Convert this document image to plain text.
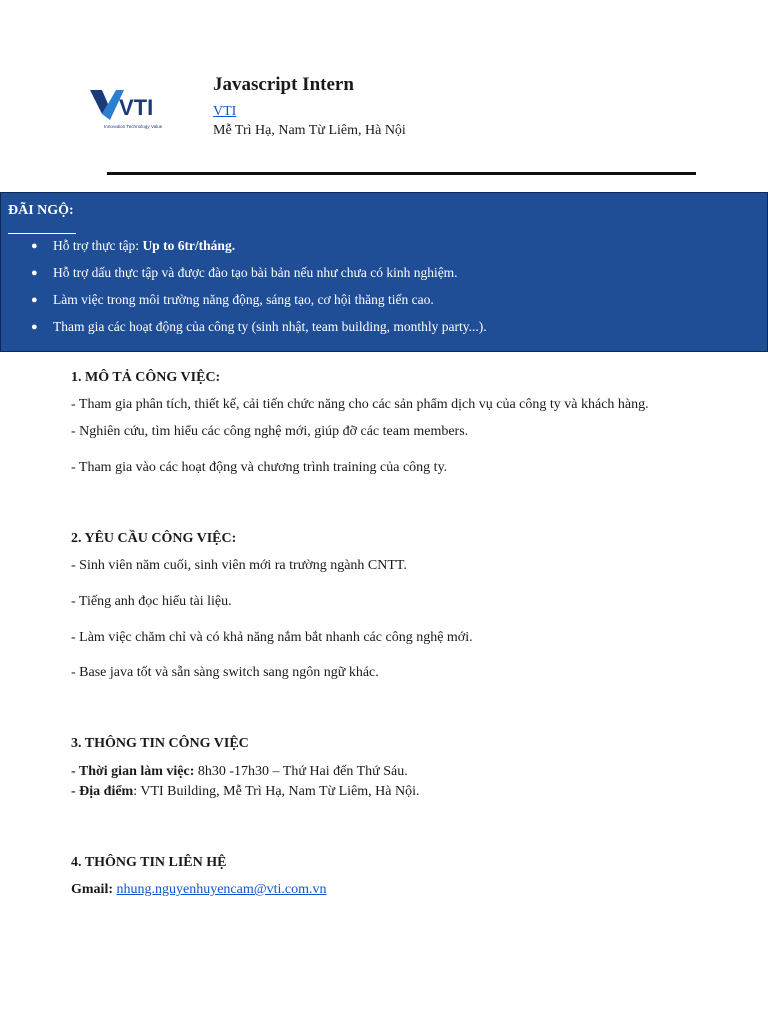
VTI
Innovation Technology Value
Javascript Intern
VTI
Mễ Trì Hạ, Nam Từ Liêm, Hà Nội
ĐÃI NGỘ:
● Hỗ trợ thực tập: Up to 6tr/tháng.
● Hỗ trợ dấu thực tập và được đào tạo bài bản nếu như chưa có kinh nghiệm.
● Làm việc trong môi trường năng động, sáng tạo, cơ hội thăng tiến cao.
● Tham gia các hoạt động của công ty (sinh nhật, team building, monthly party...).
1. MÔ TẢ CÔNG VIỆC:
- Tham gia phân tích, thiết kế, cải tiến chức năng cho các sản phẩm dịch vụ của công ty và khách hàng.
- Nghiên cứu, tìm hiểu các công nghệ mới, giúp đỡ các team members.
- Tham gia vào các hoạt động và chương trình training của công ty.
2. YÊU CẦU CÔNG VIỆC:
- Sinh viên năm cuối, sinh viên mới ra trường ngành CNTT.
- Tiếng anh đọc hiểu tài liệu.
- Làm việc chăm chỉ và có khả năng nắm bắt nhanh các công nghệ mới.
- Base java tốt và sẵn sàng switch sang ngôn ngữ khác.
3. THÔNG TIN CÔNG VIỆC
- Thời gian làm việc: 8h30 -17h30 – Thứ Hai đến Thứ Sáu.
- Địa điểm: VTI Building, Mễ Trì Hạ, Nam Từ Liêm, Hà Nội.
4. THÔNG TIN LIÊN HỆ
Gmail: nhung.nguyenhuyencam@vti.com.vn
